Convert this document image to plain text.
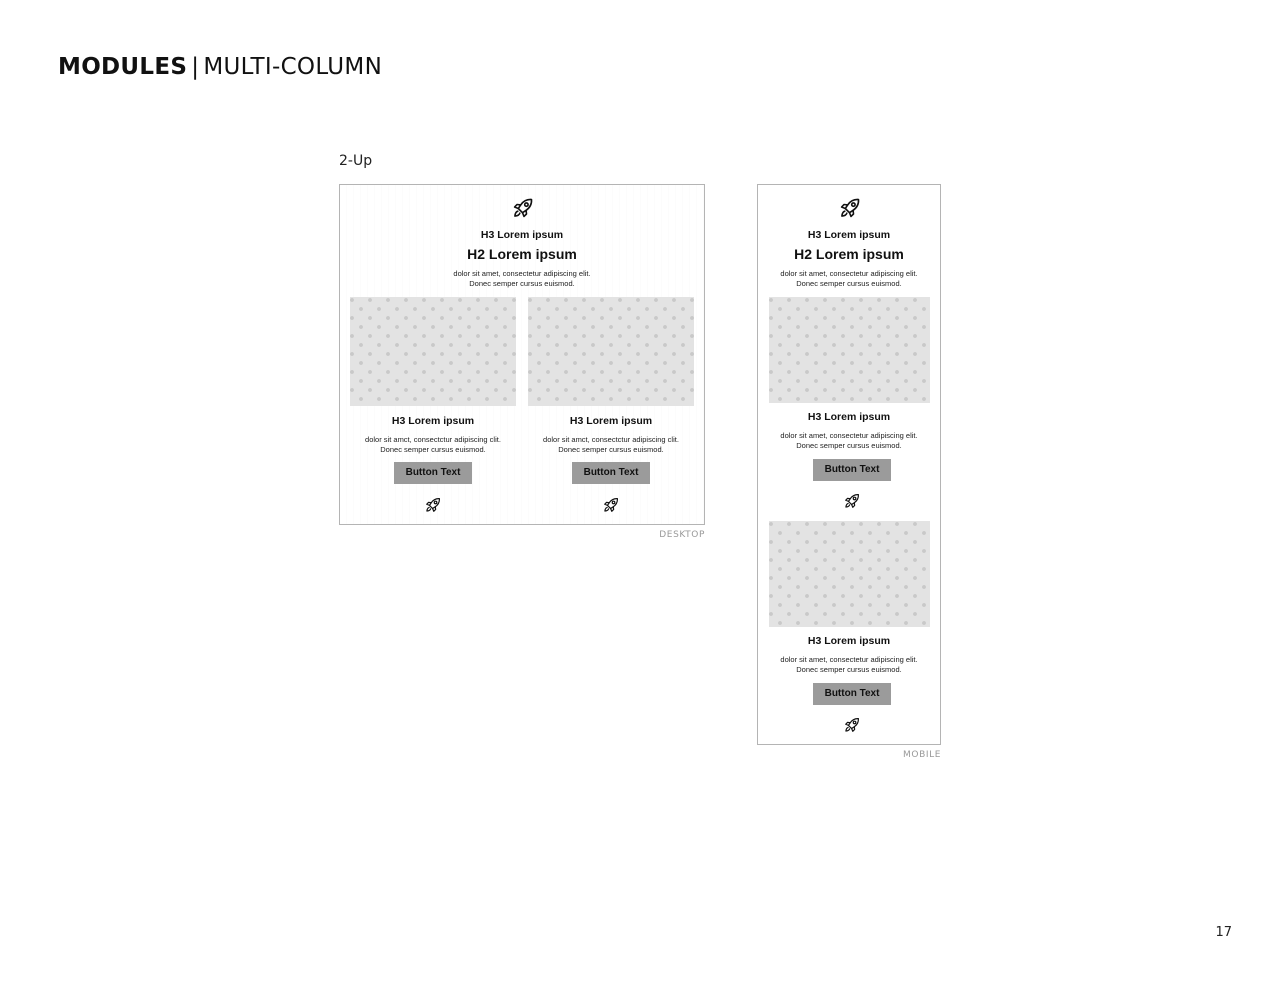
MODULES | MULTI-COLUMN
2-Up
H3 Lorem ipsum
H2 Lorem ipsum
dolor sit amet, consectetur adipiscing elit.
Donec semper cursus euismod.
H3 Lorem ipsum
dolor sit amct, consectctur adipiscing clit.
Donec semper cursus euismod.
Button Text
H3 Lorem ipsum
dolor sit amct, consectctur adipiscing clit.
Donec semper cursus euismod.
Button Text
DESKTOP
H3 Lorem ipsum
H2 Lorem ipsum
dolor sit amet, consectetur adipiscing elit.
Donec semper cursus euismod.
H3 Lorem ipsum
dolor sit amet, consectetur adipiscing elit.
Donec semper cursus euismod.
Button Text
H3 Lorem ipsum
dolor sit amet, consectetur adipiscing elit.
Donec semper cursus euismod.
Button Text
MOBILE
17
